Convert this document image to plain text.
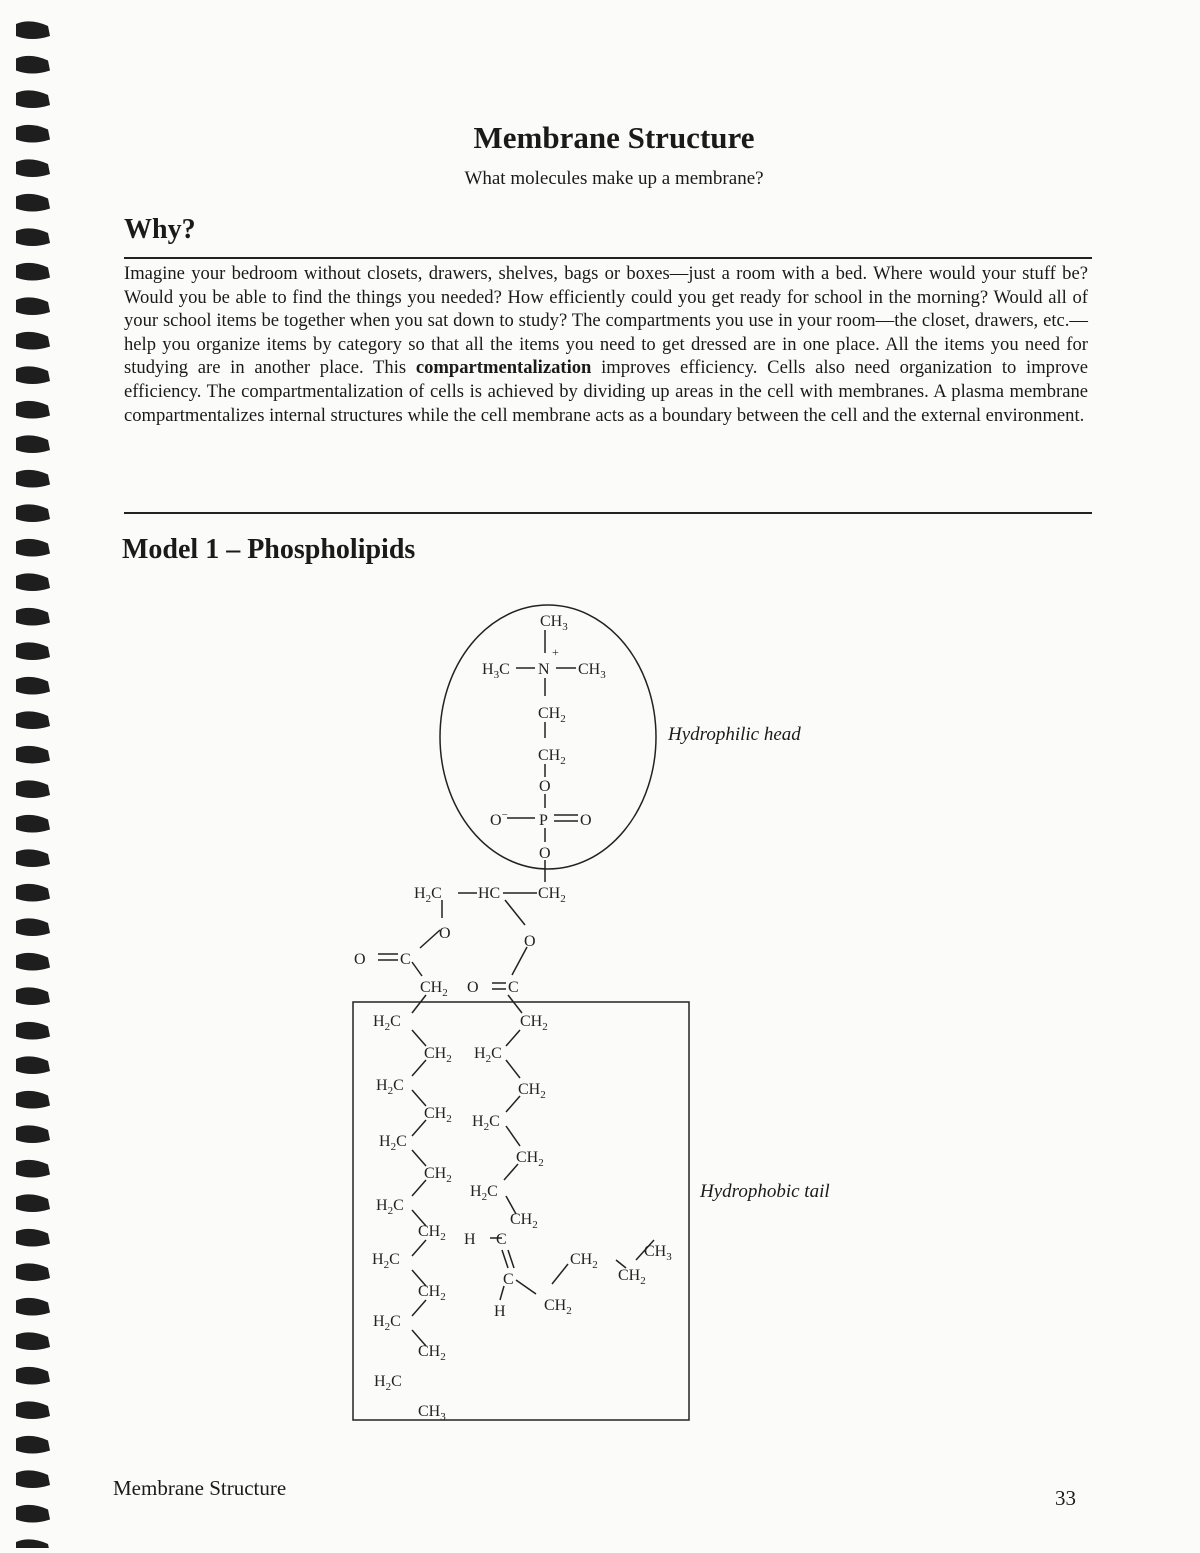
Membrane Structure
What molecules make up a membrane?
Why?
Imagine your bedroom without closets, drawers, shelves, bags or boxes—just a room with a bed. Where would your stuff be? Would you be able to find the things you needed? How efficiently could you get ready for school in the morning? Would all of your school items be together when you sat down to study? The compartments you use in your room—the closet, drawers, etc.—help you organize items by category so that all the items you need to get dressed are in one place. All the items you need for studying are in another place. This compartmentalization improves efficiency. Cells also need organization to improve efficiency. The compartmentalization of cells is achieved by dividing up areas in the cell with membranes. A plasma membrane compartmentalizes internal structures while the cell membrane acts as a boundary between the cell and the external environment.
Model 1 – Phospholipids
$CH_3$
+
$H_3C$ N $CH_3$
$CH_2$
$CH_2$
O
O− P O
O
$H_2C$ HC $CH_2$
O	O
O C
$CH_2$ O C
$H_2C$
$CH_2$
$H_2C$
$CH_2$
$H_2C$
$CH_2$
$H_2C$
$CH_2$
$H_2C$
$CH_2$
$H_2C$
$CH_2$
$H_2C$
$CH_3$
$CH_2$
$H_2C$
$CH_2$
$H_2C$
$CH_2$
$H_2C$
$CH_2$
H C
C
H $CH_2$
$CH_2$
$CH_2$
$CH_3$
Hydrophilic head
Hydrophobic tail
Membrane Structure	33
